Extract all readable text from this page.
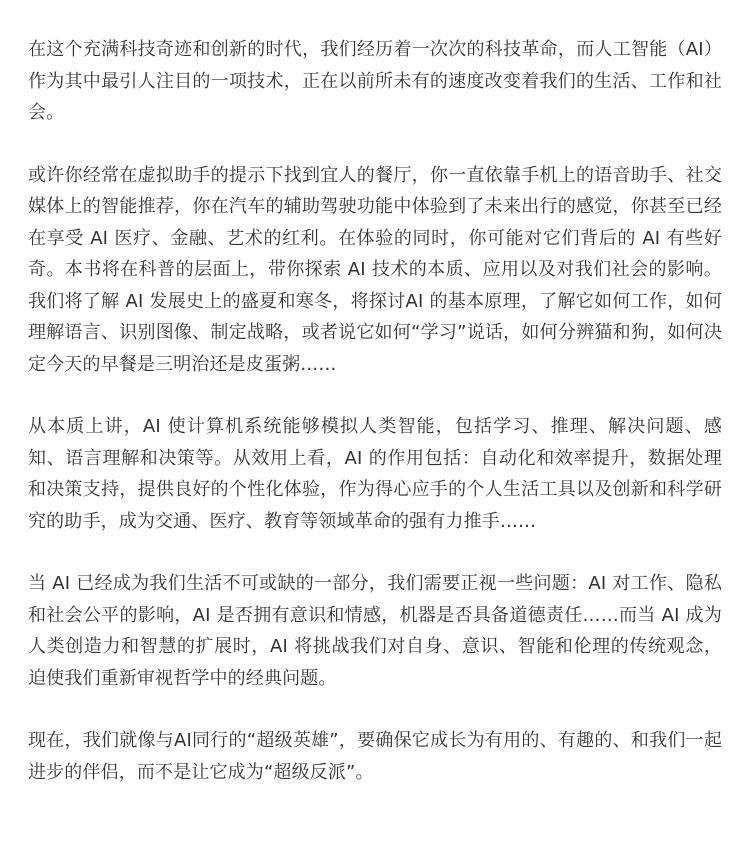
在这个充满科技奇迹和创新的时代，我们经历着一次次的科技革命，而人工智能（AI）作为其中最引人注目的一项技术，正在以前所未有的速度改变着我们的生活、工作和社会。

或许你经常在虚拟助手的提示下找到宜人的餐厅，你一直依靠手机上的语音助手、社交媒体上的智能推荐，你在汽车的辅助驾驶功能中体验到了未来出行的感觉，你甚至已经在享受 AI 医疗、金融、艺术的红利。在体验的同时，你可能对它们背后的 AI 有些好奇。本书将在科普的层面上，带你探索 AI 技术的本质、应用以及对我们社会的影响。我们将了解 AI 发展史上的盛夏和寒冬，将探讨AI 的基本原理，了解它如何工作，如何理解语言、识别图像、制定战略，或者说它如何“学习”说话，如何分辨猫和狗，如何决定今天的早餐是三明治还是皮蛋粥……

从本质上讲，AI 使计算机系统能够模拟人类智能，包括学习、推理、解决问题、感知、语言理解和决策等。从效用上看，AI 的作用包括：自动化和效率提升，数据处理和决策支持，提供良好的个性化体验，作为得心应手的个人生活工具以及创新和科学研究的助手，成为交通、医疗、教育等领域革命的强有力推手……

当 AI 已经成为我们生活不可或缺的一部分，我们需要正视一些问题：AI 对工作、隐私和社会公平的影响，AI 是否拥有意识和情感，机器是否具备道德责任……而当 AI 成为人类创造力和智慧的扩展时，AI 将挑战我们对自身、意识、智能和伦理的传统观念，迫使我们重新审视哲学中的经典问题。

现在，我们就像与AI同行的“超级英雄”，要确保它成长为有用的、有趣的、和我们一起进步的伴侣，而不是让它成为“超级反派”。
